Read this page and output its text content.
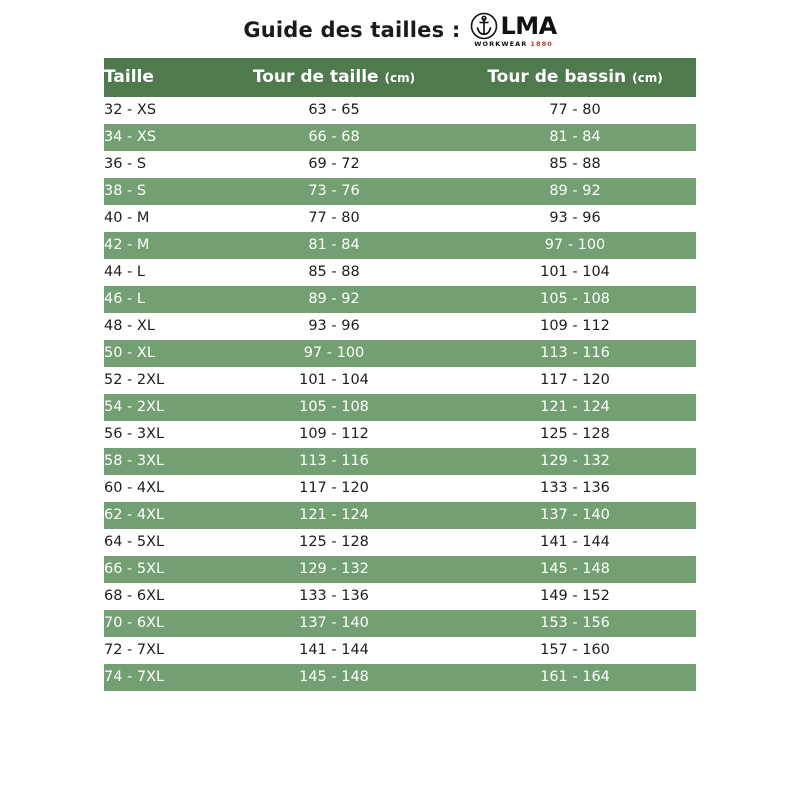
Guide des tailles : LMA
WORKWEAR 1880
Taille	Tour de taille (cm)	Tour de bassin (cm)
32 - XS	63 - 65	77 - 80
34 - XS	66 - 68	81 - 84
36 - S	69 - 72	85 - 88
38 - S	73 - 76	89 - 92
40 - M	77 - 80	93 - 96
42 - M	81 - 84	97 - 100
44 - L	85 - 88	101 - 104
46 - L	89 - 92	105 - 108
48 - XL	93 - 96	109 - 112
50 - XL	97 - 100	113 - 116
52 - 2XL	101 - 104	117 - 120
54 - 2XL	105 - 108	121 - 124
56 - 3XL	109 - 112	125 - 128
58 - 3XL	113 - 116	129 - 132
60 - 4XL	117 - 120	133 - 136
62 - 4XL	121 - 124	137 - 140
64 - 5XL	125 - 128	141 - 144
66 - 5XL	129 - 132	145 - 148
68 - 6XL	133 - 136	149 - 152
70 - 6XL	137 - 140	153 - 156
72 - 7XL	141 - 144	157 - 160
74 - 7XL	145 - 148	161 - 164
